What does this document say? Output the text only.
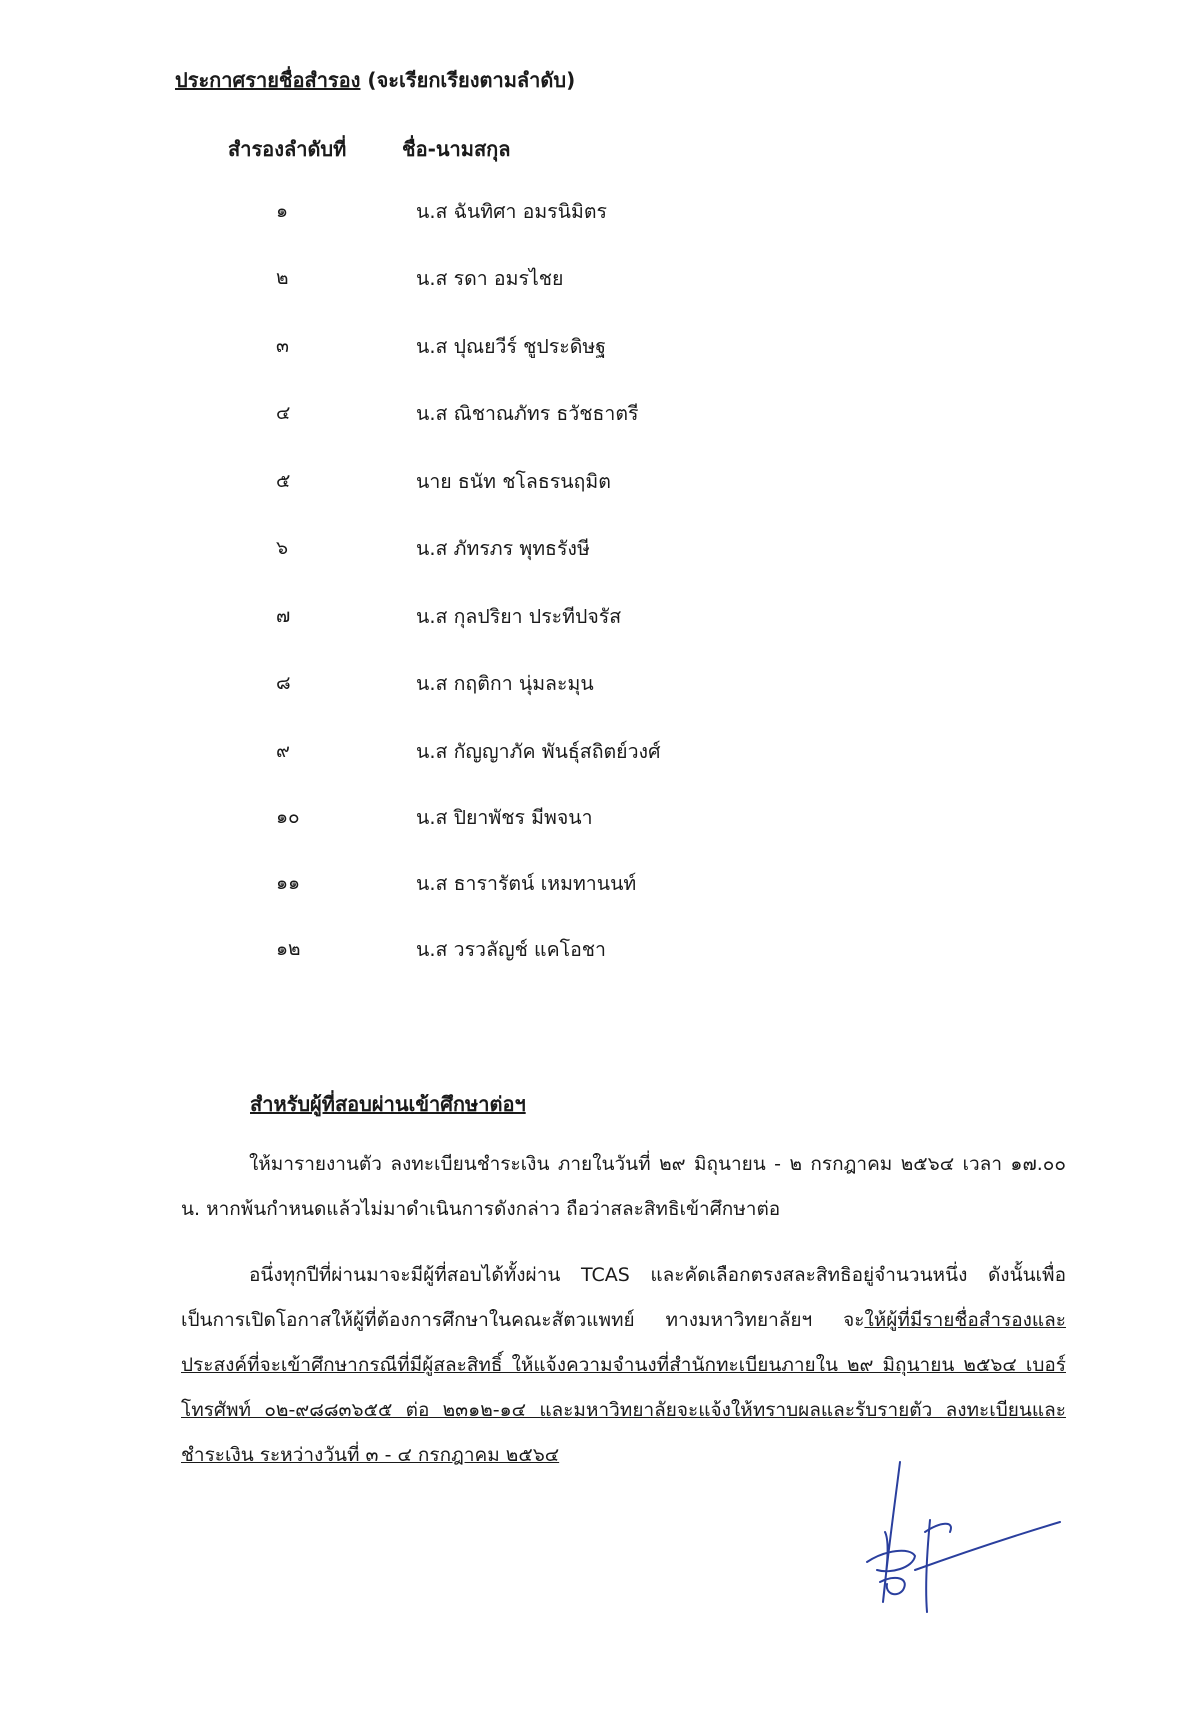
ประกาศรายชื่อสำรอง (จะเรียกเรียงตามลำดับ)

สำรองลำดับที่	ชื่อ-นามสกุล

๑	น.ส ฉันทิศา อมรนิมิตร
๒	น.ส รดา อมรไชย
๓	น.ส ปุณยวีร์ ชูประดิษฐ
๔	น.ส ณิชาณภัทร ธวัชธาตรี
๕	นาย ธนัท ชโลธรนฤมิต
๖	น.ส ภัทรภร พุทธรังษี
๗	น.ส กุลปริยา ประทีปจรัส
๘	น.ส กฤติกา นุ่มละมุน
๙	น.ส กัญญาภัค พันธุ์สถิตย์วงศ์
๑๐	น.ส ปิยาพัชร มีพจนา
๑๑	น.ส ธารารัตน์ เหมทานนท์
๑๒	น.ส วรวลัญช์ แคโอชา

สำหรับผู้ที่สอบผ่านเข้าศึกษาต่อฯ

ให้มารายงานตัว ลงทะเบียนชำระเงิน ภายในวันที่ ๒๙ มิถุนายน - ๒ กรกฎาคม ๒๕๖๔ เวลา ๑๗.๐๐ น. หากพ้นกำหนดแล้วไม่มาดำเนินการดังกล่าว ถือว่าสละสิทธิเข้าศึกษาต่อ

อนึ่งทุกปีที่ผ่านมาจะมีผู้ที่สอบได้ทั้งผ่าน TCAS และคัดเลือกตรงสละสิทธิอยู่จำนวนหนึ่ง ดังนั้นเพื่อเป็นการเปิดโอกาสให้ผู้ที่ต้องการศึกษาในคณะสัตวแพทย์ ทางมหาวิทยาลัยฯ จะให้ผู้ที่มีรายชื่อสำรองและประสงค์ที่จะเข้าศึกษากรณีที่มีผู้สละสิทธิ์ ให้แจ้งความจำนงที่สำนักทะเบียนภายใน ๒๙ มิถุนายน ๒๕๖๔ เบอร์โทรศัพท์ ๐๒-๙๘๘๓๖๕๕ ต่อ ๒๓๑๒-๑๔ และมหาวิทยาลัยจะแจ้งให้ทราบผลและรับรายตัว ลงทะเบียนและชำระเงิน ระหว่างวันที่ ๓ - ๔ กรกฎาคม ๒๕๖๔
